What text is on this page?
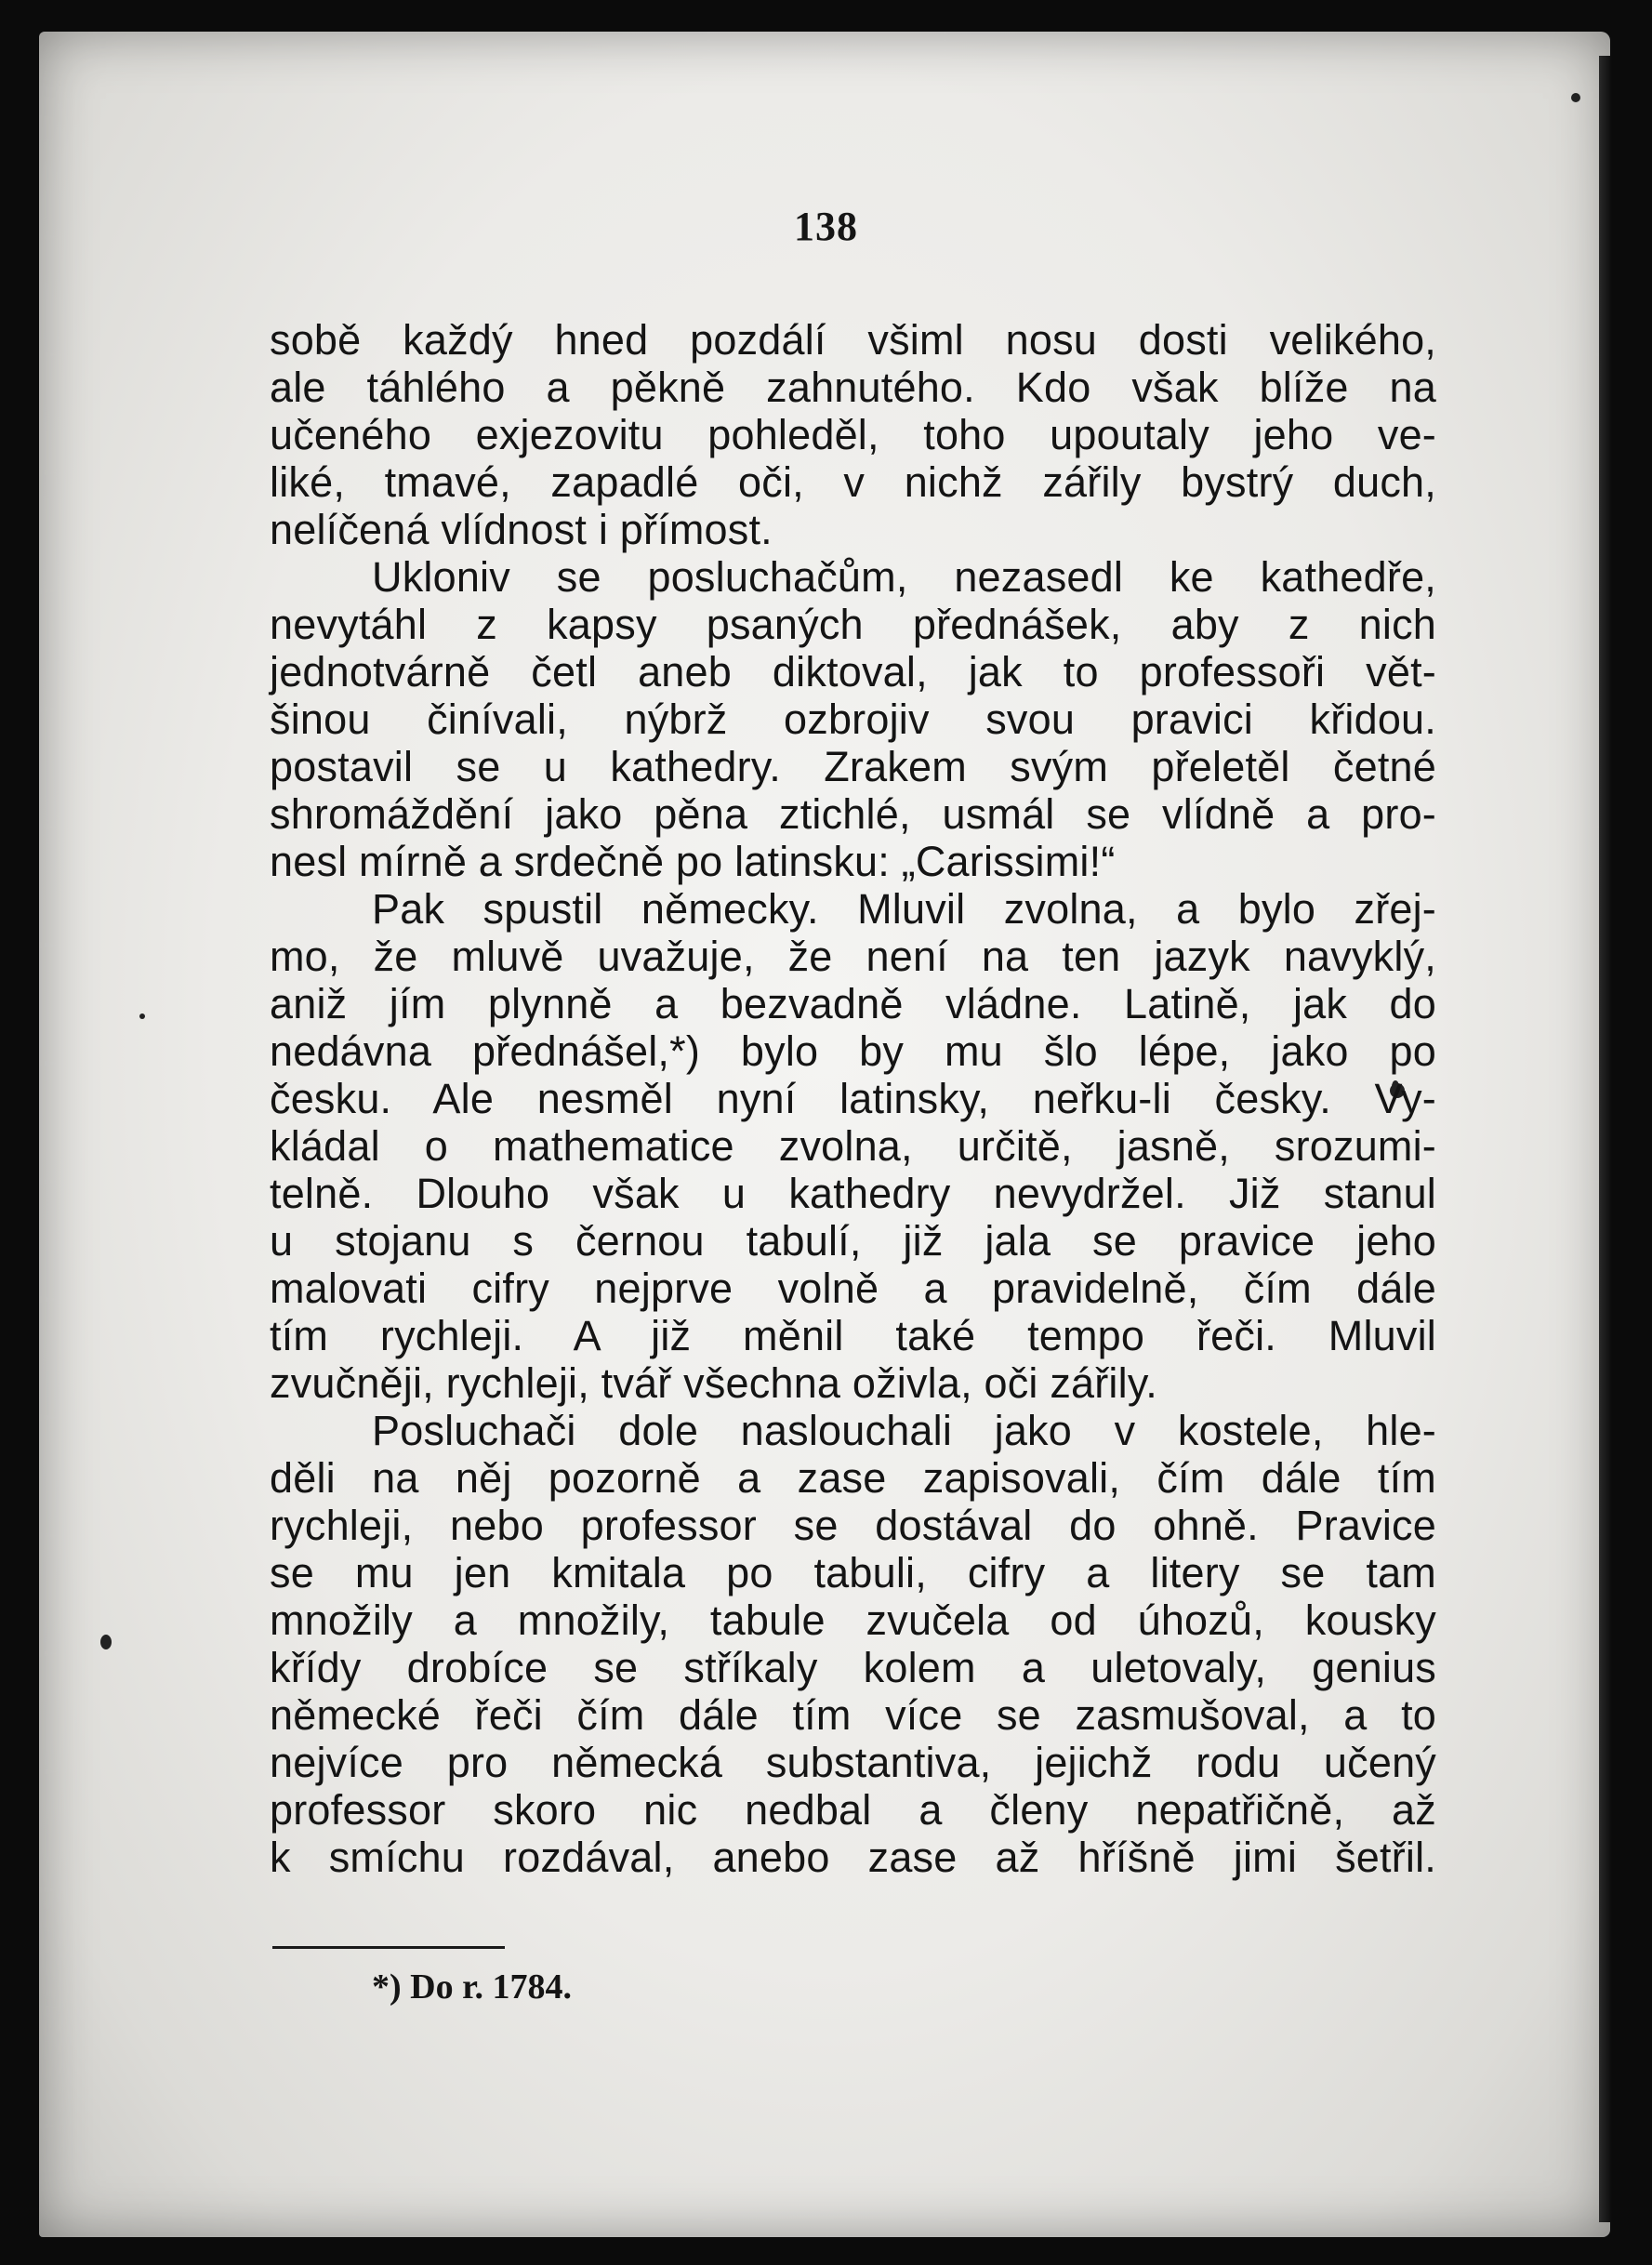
138
sobě každý hned pozdálí všiml nosu dosti velikého,
ale táhlého a pěkně zahnutého. Kdo však blíže na
učeného exjezovitu pohleděl, toho upoutaly jeho ve-
liké, tmavé, zapadlé oči, v nichž zářily bystrý duch,
nelíčená vlídnost i přímost.
Ukloniv se posluchačům, nezasedl ke kathedře,
nevytáhl z kapsy psaných přednášek, aby z nich
jednotvárně četl aneb diktoval, jak to professoři vět-
šinou činívali, nýbrž ozbrojiv svou pravici křidou.
postavil se u kathedry. Zrakem svým přeletěl četné
shromáždění jako pěna ztichlé, usmál se vlídně a pro-
nesl mírně a srdečně po latinsku: „Carissimi!“
Pak spustil německy. Mluvil zvolna, a bylo zřej-
mo, že mluvě uvažuje, že není na ten jazyk navyklý,
aniž jím plynně a bezvadně vládne. Latině, jak do
nedávna přednášel,*) bylo by mu šlo lépe, jako po
česku. Ale nesměl nyní latinsky, neřku-li česky. Vy-
kládal o mathematice zvolna, určitě, jasně, srozumi-
telně. Dlouho však u kathedry nevydržel. Již stanul
u stojanu s černou tabulí, již jala se pravice jeho
malovati cifry nejprve volně a pravidelně, čím dále
tím rychleji. A již měnil také tempo řeči. Mluvil
zvučněji, rychleji, tvář všechna oživla, oči zářily.
Posluchači dole naslouchali jako v kostele, hle-
děli na něj pozorně a zase zapisovali, čím dále tím
rychleji, nebo professor se dostával do ohně. Pravice
se mu jen kmitala po tabuli, cifry a litery se tam
množily a množily, tabule zvučela od úhozů, kousky
křídy drobíce se stříkaly kolem a uletovaly, genius
německé řeči čím dále tím více se zasmušoval, a to
nejvíce pro německá substantiva, jejichž rodu učený
professor skoro nic nedbal a členy nepatřičně, až
k smíchu rozdával, anebo zase až hříšně jimi šetřil.
*) Do r. 1784.
